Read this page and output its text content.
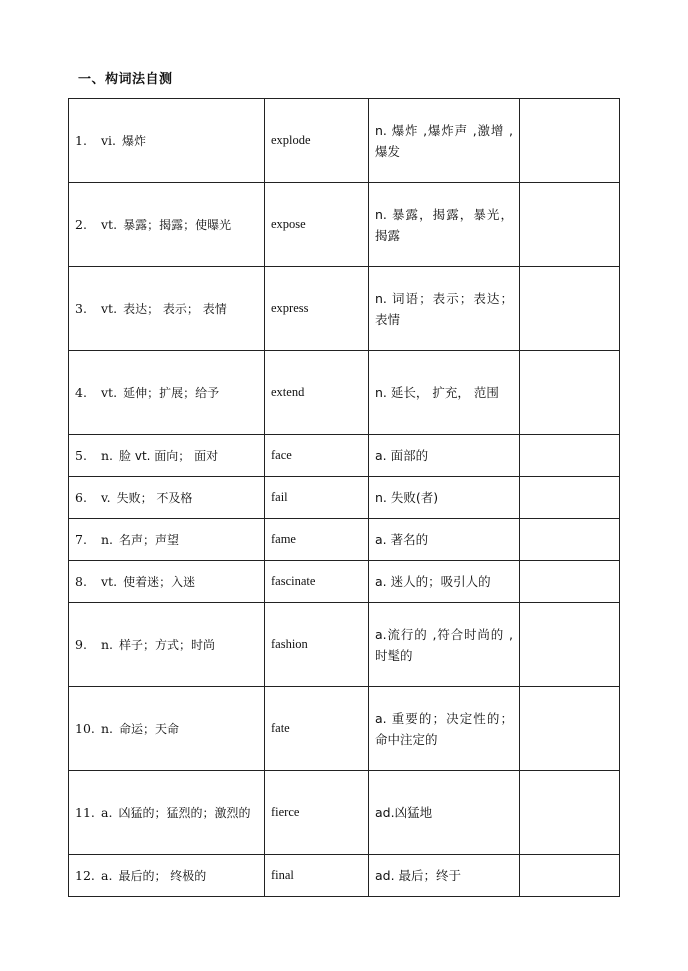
一、构词法自测
1. vi. 爆炸	explode	n. 爆炸 ,爆炸声 ,激增 ,爆发	
2. vt. 暴露；揭露；使曝光	expose	n. 暴露，揭露，暴光，揭露	
3. vt. 表达； 表示； 表情	express	n. 词语；表示；表达；表情	
4. vt. 延伸；扩展；给予	extend	n. 延长， 扩充， 范围	
5. n. 脸 vt. 面向； 面对	face	a. 面部的	
6. v. 失败； 不及格	fail	n. 失败(者)	
7. n. 名声；声望	fame	a. 著名的	
8. vt. 使着迷；入迷	fascinate	a. 迷人的；吸引人的	
9. n. 样子；方式；时尚	fashion	a.流行的 ,符合时尚的 ,时髦的	
10. n. 命运；天命	fate	a. 重要的；决定性的；命中注定的	
11. a. 凶猛的；猛烈的；激烈的	fierce	ad.凶猛地	
12. a. 最后的； 终极的	final	ad. 最后；终于	
